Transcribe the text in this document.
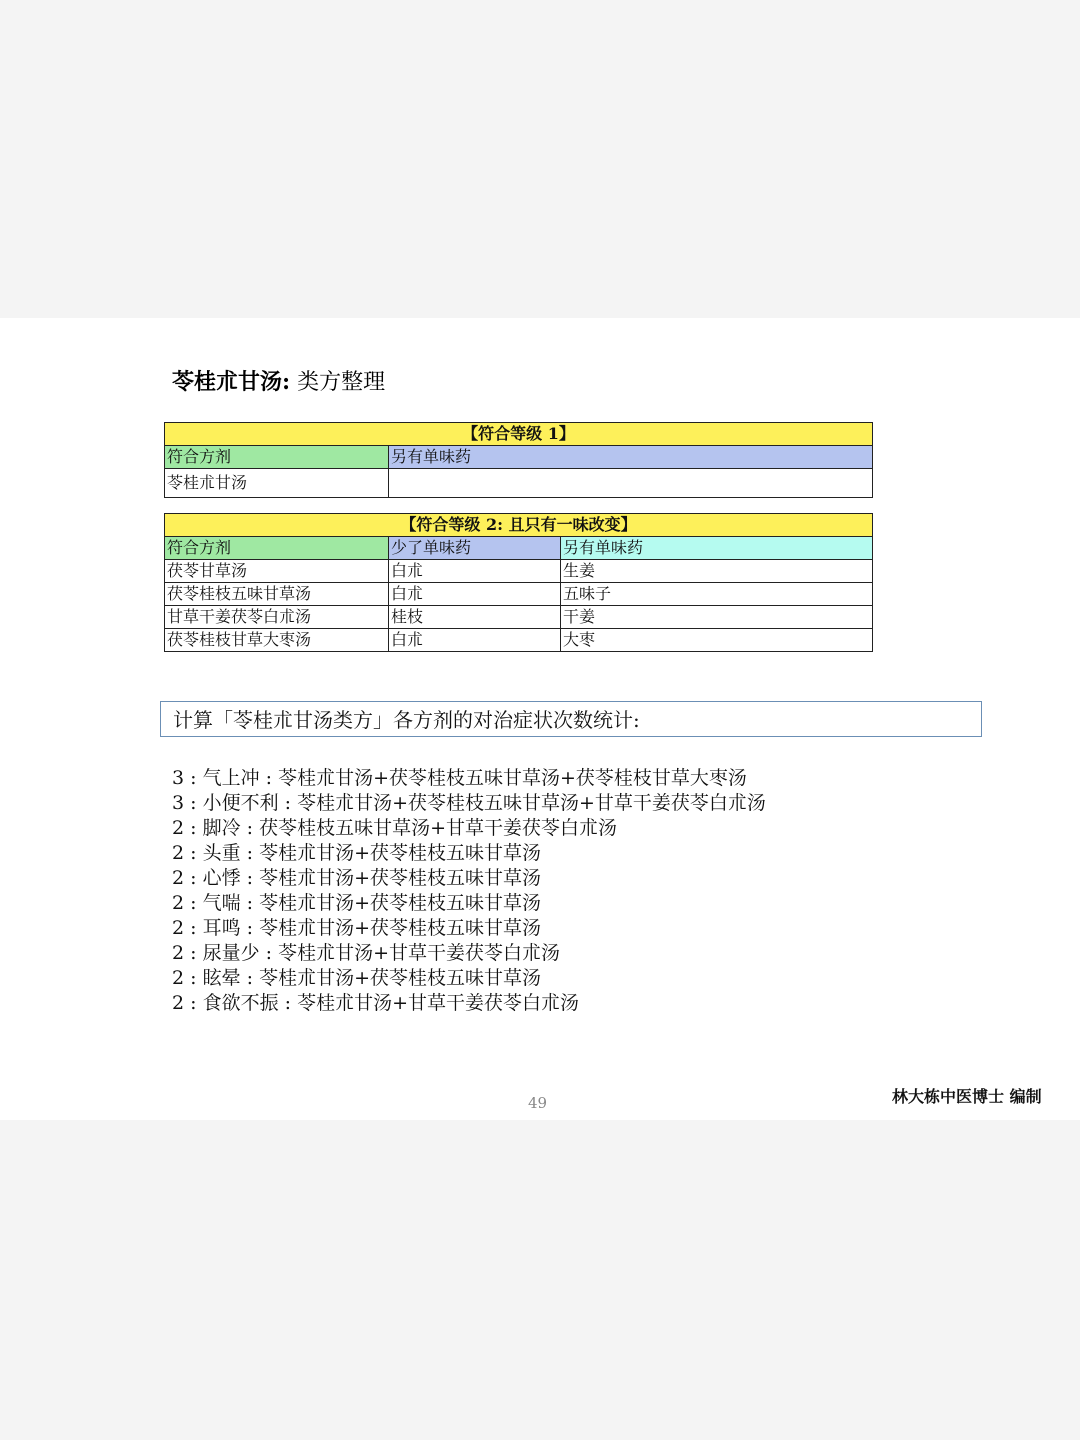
苓桂朮甘汤: 类方整理
【符合等级 1】	
符合方剂	另有单味药
苓桂朮甘汤	
【符合等级 2: 且只有一味改变】		
符合方剂	少了单味药	另有单味药
茯苓甘草汤	白朮	生姜
茯苓桂枝五味甘草汤	白朮	五味子
甘草干姜茯苓白朮汤	桂枝	干姜
茯苓桂枝甘草大枣汤	白朮	大枣
计算「苓桂朮甘汤类方」各方剂的对治症状次数统计:
3 : 气上冲 : 苓桂朮甘汤+茯苓桂枝五味甘草汤+茯苓桂枝甘草大枣汤
3 : 小便不利 : 苓桂朮甘汤+茯苓桂枝五味甘草汤+甘草干姜茯苓白朮汤
2 : 脚冷 : 茯苓桂枝五味甘草汤+甘草干姜茯苓白朮汤
2 : 头重 : 苓桂朮甘汤+茯苓桂枝五味甘草汤
2 : 心悸 : 苓桂朮甘汤+茯苓桂枝五味甘草汤
2 : 气喘 : 苓桂朮甘汤+茯苓桂枝五味甘草汤
2 : 耳鸣 : 苓桂朮甘汤+茯苓桂枝五味甘草汤
2 : 尿量少 : 苓桂朮甘汤+甘草干姜茯苓白朮汤
2 : 眩晕 : 苓桂朮甘汤+茯苓桂枝五味甘草汤
2 : 食欲不振 : 苓桂朮甘汤+甘草干姜茯苓白朮汤
49	林大栋中医博士 编制
